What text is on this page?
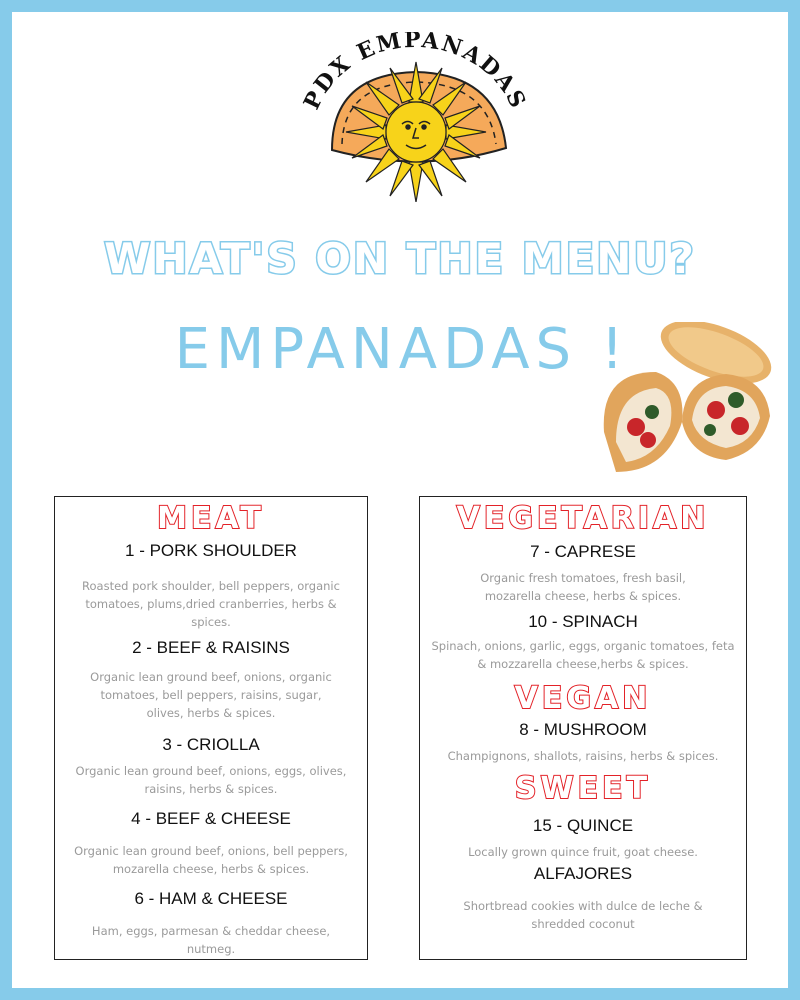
PDX EMPANADAS
WHAT'S ON THE MENU?
EMPANADAS !
MEAT
1 - PORK SHOULDER
Roasted pork shoulder, bell peppers, organic tomatoes, plums,dried cranberries, herbs & spices.
2 - BEEF & RAISINS
Organic lean ground beef, onions, organic tomatoes, bell peppers, raisins, sugar, olives, herbs & spices.
3 - CRIOLLA
Organic lean ground beef, onions, eggs, olives, raisins, herbs & spices.
4 - BEEF & CHEESE
Organic lean ground beef, onions, bell peppers, mozarella cheese, herbs & spices.
6 - HAM & CHEESE
Ham, eggs, parmesan & cheddar cheese, nutmeg.
VEGETARIAN
7 - CAPRESE
Organic fresh tomatoes, fresh basil, mozarella cheese, herbs & spices.
10 - SPINACH
Spinach, onions, garlic, eggs, organic tomatoes, feta & mozzarella cheese,herbs & spices.
VEGAN
8 - MUSHROOM
Champignons, shallots, raisins, herbs & spices.
SWEET
15 - QUINCE
Locally grown quince fruit, goat cheese.
ALFAJORES
Shortbread cookies with dulce de leche & shredded coconut
